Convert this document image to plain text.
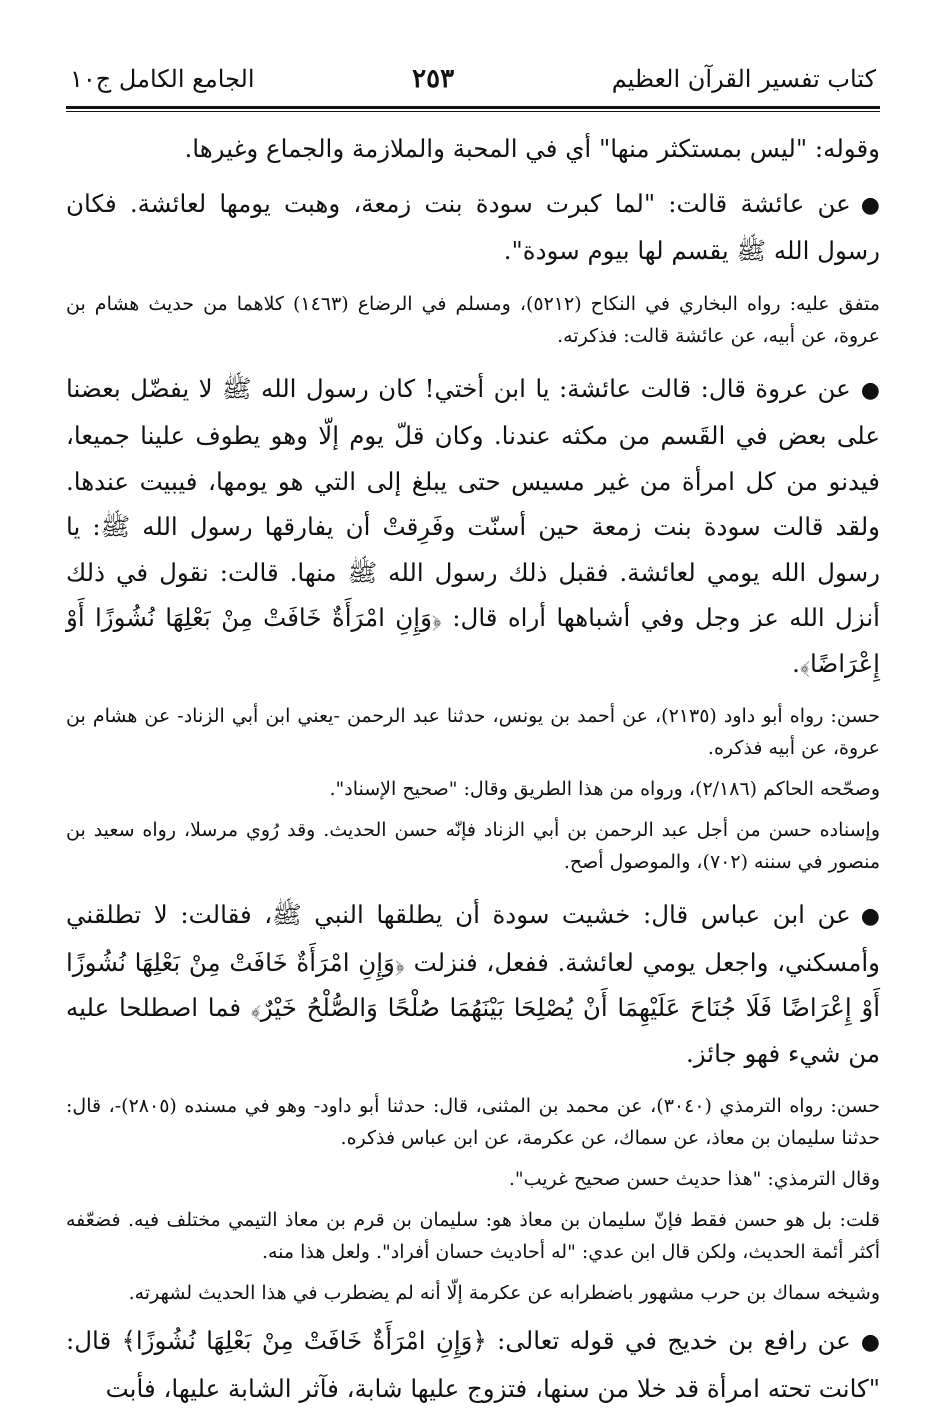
كتاب تفسير القرآن العظيم
٢٥٣
الجامع الكامل ج١٠

وقوله: "ليس بمستكثر منها" أي في المحبة والملازمة والجماع وغيرها.

●عن عائشة قالت: "لما كبرت سودة بنت زمعة، وهبت يومها لعائشة. فكان رسول الله ﷺ يقسم لها بيوم سودة".

متفق عليه: رواه البخاري في النكاح (٥٢١٢)، ومسلم في الرضاع (١٤٦٣) كلاهما من حديث هشام بن عروة، عن أبيه، عن عائشة قالت: فذكرته.

●عن عروة قال: قالت عائشة: يا ابن أختي! كان رسول الله ﷺ لا يفضّل بعضنا على بعض في القَسم من مكثه عندنا. وكان قلّ يوم إلّا وهو يطوف علينا جميعا، فيدنو من كل امرأة من غير مسيس حتى يبلغ إلى التي هو يومها، فيبيت عندها. ولقد قالت سودة بنت زمعة حين أسنّت وفَرِقتْ أن يفارقها رسول الله ﷺ: يا رسول الله يومي لعائشة. فقبل ذلك رسول الله ﷺ منها. قالت: نقول في ذلك أنزل الله عز وجل وفي أشباهها أراه قال: ﴿وَإِنِ امْرَأَةٌ خَافَتْ مِنْ بَعْلِهَا نُشُوزًا أَوْ إِعْرَاضًا﴾.

حسن: رواه أبو داود (٢١٣٥)، عن أحمد بن يونس، حدثنا عبد الرحمن -يعني ابن أبي الزناد- عن هشام بن عروة، عن أبيه فذكره.

وصحّحه الحاكم (٢/١٨٦)، ورواه من هذا الطريق وقال: "صحيح الإسناد".

وإسناده حسن من أجل عبد الرحمن بن أبي الزناد فإنّه حسن الحديث. وقد رُوي مرسلا، رواه سعيد بن منصور في سننه (٧٠٢)، والموصول أصح.

●عن ابن عباس قال: خشيت سودة أن يطلقها النبي ﷺ، فقالت: لا تطلقني وأمسكني، واجعل يومي لعائشة. ففعل، فنزلت ﴿وَإِنِ امْرَأَةٌ خَافَتْ مِنْ بَعْلِهَا نُشُوزًا أَوْ إِعْرَاضًا فَلَا جُنَاحَ عَلَيْهِمَا أَنْ يُصْلِحَا بَيْنَهُمَا صُلْحًا وَالصُّلْحُ خَيْرٌ﴾ فما اصطلحا عليه من شيء فهو جائز.

حسن: رواه الترمذي (٣٠٤٠)، عن محمد بن المثنى، قال: حدثنا أبو داود- وهو في مسنده (٢٨٠٥)-، قال: حدثنا سليمان بن معاذ، عن سماك، عن عكرمة، عن ابن عباس فذكره.

وقال الترمذي: "هذا حديث حسن صحيح غريب".

قلت: بل هو حسن فقط فإنّ سليمان بن معاذ هو: سليمان بن قرم بن معاذ التيمي مختلف فيه. فضعّفه أكثر أئمة الحديث، ولكن قال ابن عدي: "له أحاديث حسان أفراد". ولعل هذا منه.

وشيخه سماك بن حرب مشهور باضطرابه عن عكرمة إلّا أنه لم يضطرب في هذا الحديث لشهرته.

●عن رافع بن خديج في قوله تعالى: ﴿وَإِنِ امْرَأَةٌ خَافَتْ مِنْ بَعْلِهَا نُشُوزًا﴾ قال: "كانت تحته امرأة قد خلا من سنها، فتزوج عليها شابة، فآثر الشابة عليها، فأبت
